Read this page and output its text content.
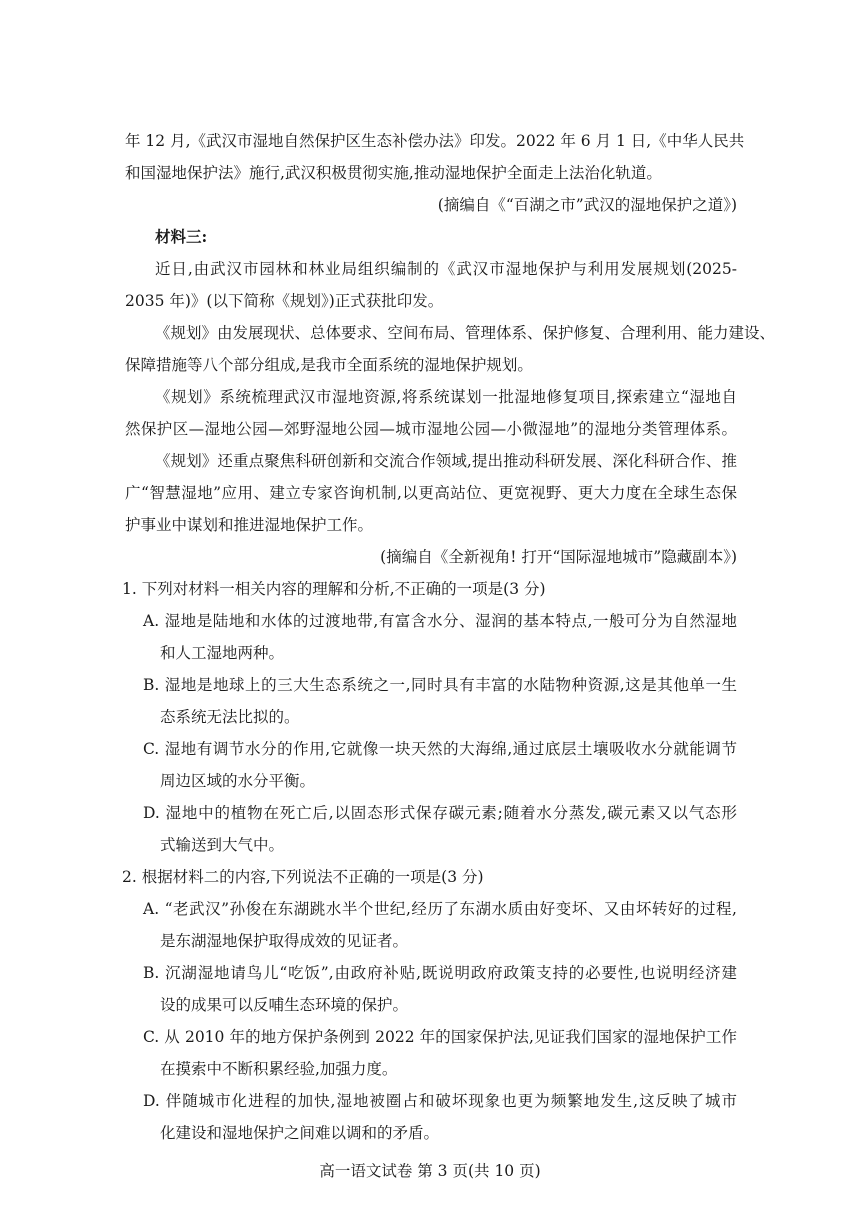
年 12 月,《武汉市湿地自然保护区生态补偿办法》印发。2022 年 6 月 1 日,《中华人民共
和国湿地保护法》施行,武汉积极贯彻实施,推动湿地保护全面走上法治化轨道。
(摘编自《“百湖之市”武汉的湿地保护之道》)
材料三:
近日,由武汉市园林和林业局组织编制的《武汉市湿地保护与利用发展规划(2025-
2035 年)》(以下简称《规划》)正式获批印发。
《规划》由发展现状、总体要求、空间布局、管理体系、保护修复、合理利用、能力建设、
保障措施等八个部分组成,是我市全面系统的湿地保护规划。
《规划》系统梳理武汉市湿地资源,将系统谋划一批湿地修复项目,探索建立“湿地自
然保护区—湿地公园—郊野湿地公园—城市湿地公园—小微湿地”的湿地分类管理体系。
《规划》还重点聚焦科研创新和交流合作领域,提出推动科研发展、深化科研合作、推
广“智慧湿地”应用、建立专家咨询机制,以更高站位、更宽视野、更大力度在全球生态保
护事业中谋划和推进湿地保护工作。
(摘编自《全新视角! 打开“国际湿地城市”隐藏副本》)
1. 下列对材料一相关内容的理解和分析,不正确的一项是(3 分)
A. 湿地是陆地和水体的过渡地带,有富含水分、湿润的基本特点,一般可分为自然湿地
和人工湿地两种。
B. 湿地是地球上的三大生态系统之一,同时具有丰富的水陆物种资源,这是其他单一生
态系统无法比拟的。
C. 湿地有调节水分的作用,它就像一块天然的大海绵,通过底层土壤吸收水分就能调节
周边区域的水分平衡。
D. 湿地中的植物在死亡后,以固态形式保存碳元素;随着水分蒸发,碳元素又以气态形
式输送到大气中。
2. 根据材料二的内容,下列说法不正确的一项是(3 分)
A. “老武汉”孙俊在东湖跳水半个世纪,经历了东湖水质由好变坏、又由坏转好的过程,
是东湖湿地保护取得成效的见证者。
B. 沉湖湿地请鸟儿“吃饭”,由政府补贴,既说明政府政策支持的必要性,也说明经济建
设的成果可以反哺生态环境的保护。
C. 从 2010 年的地方保护条例到 2022 年的国家保护法,见证我们国家的湿地保护工作
在摸索中不断积累经验,加强力度。
D. 伴随城市化进程的加快,湿地被圈占和破坏现象也更为频繁地发生,这反映了城市
化建设和湿地保护之间难以调和的矛盾。
高一语文试卷 第 3 页(共 10 页)
